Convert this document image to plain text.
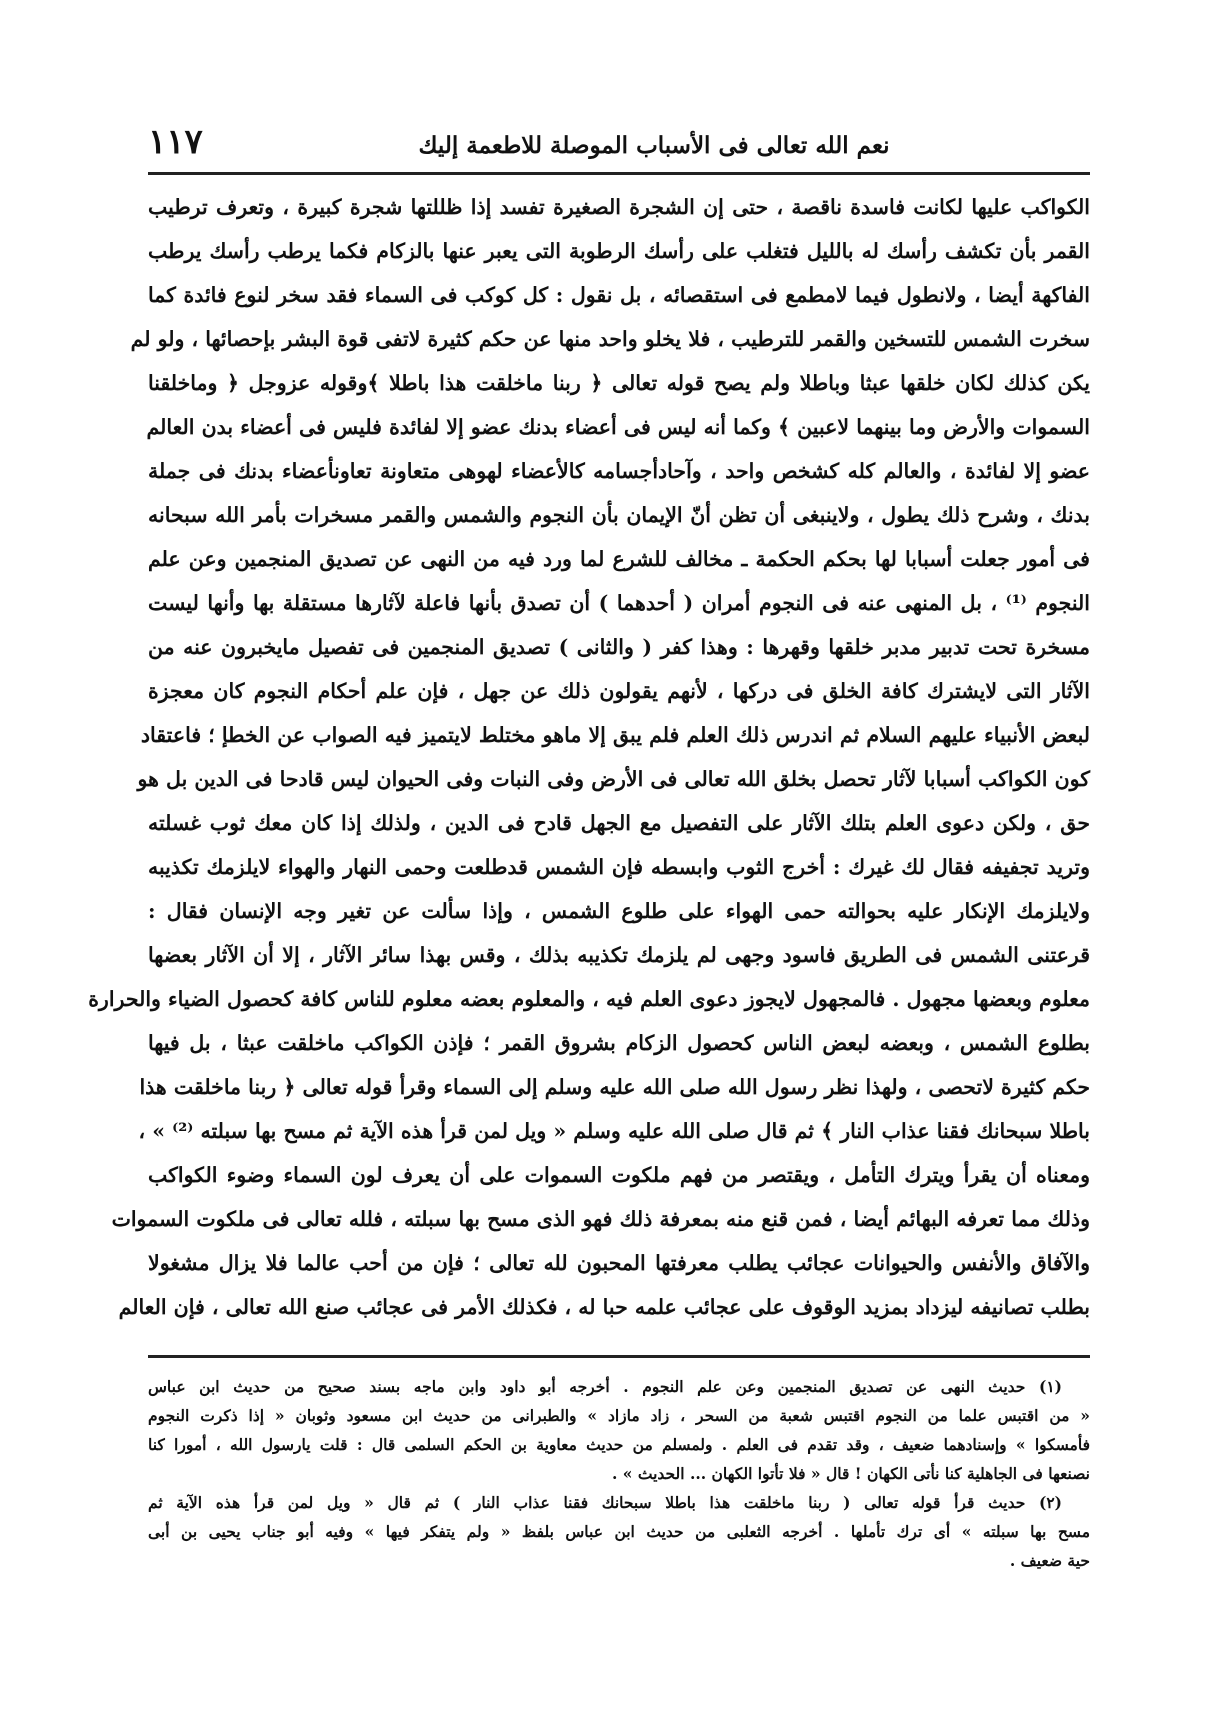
نعم الله تعالى فى الأسباب الموصلة للاطعمة إليك
١١٧
الكواكب عليها لكانت فاسدة ناقصة ، حتى إن الشجرة الصغيرة تفسد إذا ظللتها شجرة كبيرة ، وتعرف ترطيب
القمر بأن تكشف رأسك له بالليل فتغلب على رأسك الرطوبة التى يعبر عنها بالزكام فكما يرطب رأسك يرطب
الفاكهة أيضا ، ولانطول فيما لامطمع فى استقصائه ، بل نقول : كل كوكب فى السماء فقد سخر لنوع فائدة كما
سخرت الشمس للتسخين والقمر للترطيب ، فلا يخلو واحد منها عن حكم كثيرة لاتفى قوة البشر بإحصائها ، ولو لم
يكن كذلك لكان خلقها عبثا وباطلا ولم يصح قوله تعالى ﴿ ربنا ماخلقت هذا باطلا ﴾وقوله عزوجل ﴿ وماخلقنا
السموات والأرض وما بينهما لاعبين ﴾ وكما أنه ليس فى أعضاء بدنك عضو إلا لفائدة فليس فى أعضاء بدن العالم
عضو إلا لفائدة ، والعالم كله كشخص واحد ، وآحادأجسامه كالأعضاء لهوهى متعاونة تعاونأعضاء بدنك فى جملة
بدنك ، وشرح ذلك يطول ، ولاينبغى أن تظن أنّ الإيمان بأن النجوم والشمس والقمر مسخرات بأمر الله سبحانه
فى أمور جعلت أسبابا لها بحكم الحكمة ـ مخالف للشرع لما ورد فيه من النهى عن تصديق المنجمين وعن علم
النجوم ⁽¹⁾ ، بل المنهى عنه فى النجوم أمران ( أحدهما ) أن تصدق بأنها فاعلة لآثارها مستقلة بها وأنها ليست
مسخرة تحت تدبير مدبر خلقها وقهرها : وهذا كفر ( والثانى ) تصديق المنجمين فى تفصيل مايخبرون عنه من
الآثار التى لايشترك كافة الخلق فى دركها ، لأنهم يقولون ذلك عن جهل ، فإن علم أحكام النجوم كان معجزة
لبعض الأنبياء عليهم السلام ثم اندرس ذلك العلم فلم يبق إلا ماهو مختلط لايتميز فيه الصواب عن الخطإ ؛ فاعتقاد
كون الكواكب أسبابا لآثار تحصل بخلق الله تعالى فى الأرض وفى النبات وفى الحيوان ليس قادحا فى الدين بل هو
حق ، ولكن دعوى العلم بتلك الآثار على التفصيل مع الجهل قادح فى الدين ، ولذلك إذا كان معك ثوب غسلته
وتريد تجفيفه فقال لك غيرك : أخرج الثوب وابسطه فإن الشمس قدطلعت وحمى النهار والهواء لايلزمك تكذيبه
ولايلزمك الإنكار عليه بحوالته حمى الهواء على طلوع الشمس ، وإذا سألت عن تغير وجه الإنسان فقال :
قرعتنى الشمس فى الطريق فاسود وجهى لم يلزمك تكذيبه بذلك ، وقس بهذا سائر الآثار ، إلا أن الآثار بعضها
معلوم وبعضها مجهول . فالمجهول لايجوز دعوى العلم فيه ، والمعلوم بعضه معلوم للناس كافة كحصول الضياء والحرارة
بطلوع الشمس ، وبعضه لبعض الناس كحصول الزكام بشروق القمر ؛ فإذن الكواكب ماخلقت عبثا ، بل فيها
حكم كثيرة لاتحصى ، ولهذا نظر رسول الله صلى الله عليه وسلم إلى السماء وقرأ قوله تعالى ﴿ ربنا ماخلقت هذا
باطلا سبحانك فقنا عذاب النار ﴾ ثم قال صلى الله عليه وسلم « ويل لمن قرأ هذه الآية ثم مسح بها سبلته ⁽²⁾ » ،
ومعناه أن يقرأ ويترك التأمل ، ويقتصر من فهم ملكوت السموات على أن يعرف لون السماء وضوء الكواكب
وذلك مما تعرفه البهائم أيضا ، فمن قنع منه بمعرفة ذلك فهو الذى مسح بها سبلته ، فلله تعالى فى ملكوت السموات
والآفاق والأنفس والحيوانات عجائب يطلب معرفتها المحبون لله تعالى ؛ فإن من أحب عالما فلا يزال مشغولا
بطلب تصانيفه ليزداد بمزيد الوقوف على عجائب علمه حبا له ، فكذلك الأمر فى عجائب صنع الله تعالى ، فإن العالم
(١) حديث النهى عن تصديق المنجمين وعن علم النجوم . أخرجه أبو داود وابن ماجه بسند صحيح من حديث ابن عباس
« من اقتبس علما من النجوم اقتبس شعبة من السحر ، زاد مازاد » والطبرانى من حديث ابن مسعود وثوبان « إذا ذكرت النجوم
فأمسكوا » وإسنادهما ضعيف ، وقد تقدم فى العلم . ولمسلم من حديث معاوية بن الحكم السلمى قال : قلت يارسول الله ، أمورا كنا
نصنعها فى الجاهلية كنا نأتى الكهان ! قال « فلا تأتوا الكهان ... الحديث » .
(٢) حديث قرأ قوله تعالى ( ربنا ماخلقت هذا باطلا سبحانك فقنا عذاب النار ) ثم قال « ويل لمن قرأ هذه الآية ثم
مسح بها سبلته » أى ترك تأملها . أخرجه الثعلبى من حديث ابن عباس بلفظ « ولم يتفكر فيها » وفيه أبو جناب يحيى بن أبى
حية ضعيف .
